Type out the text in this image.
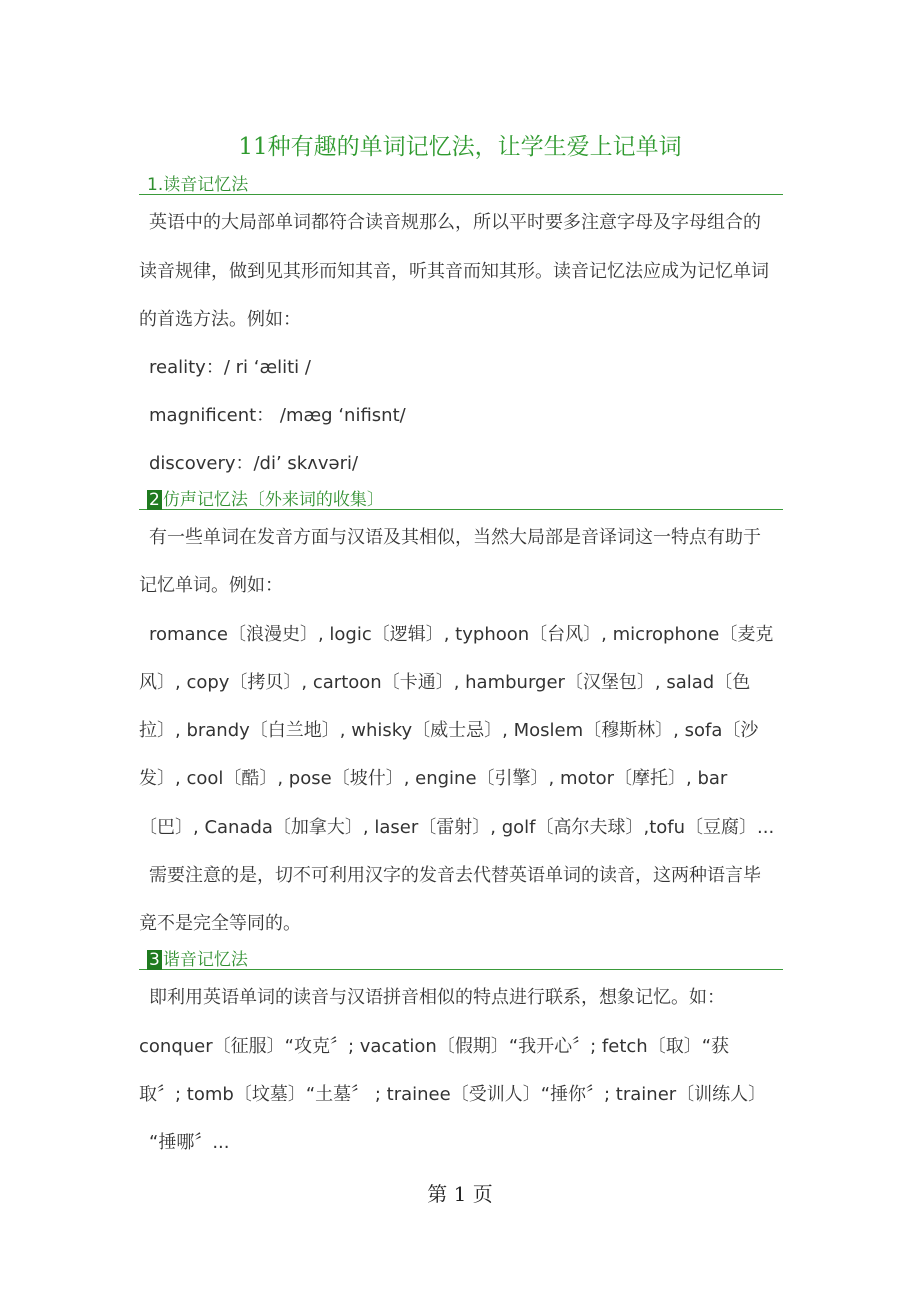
11种有趣的单词记忆法，让学生爱上记单词
1.读音记忆法
英语中的大局部单词都符合读音规那么，所以平时要多注意字母及字母组合的
读音规律，做到见其形而知其音，听其音而知其形。读音记忆法应成为记忆单词
的首选方法。例如：
reality：/ ri ‘æliti /
magnificent： /mæg ‘nifisnt/
discovery：/di’ skʌvəri/
2 仿声记忆法〔外来词的收集〕
有一些单词在发音方面与汉语及其相似，当然大局部是音译词这一特点有助于
记忆单词。例如：
romance〔浪漫史〕, logic〔逻辑〕, typhoon〔台风〕, microphone〔麦克
风〕, copy〔拷贝〕, cartoon〔卡通〕, hamburger〔汉堡包〕, salad〔色
拉〕, brandy〔白兰地〕, whisky〔威士忌〕, Moslem〔穆斯林〕, sofa〔沙
发〕, cool〔酷〕, pose〔坡什〕, engine〔引擎〕, motor〔摩托〕, bar
〔巴〕, Canada〔加拿大〕, laser〔雷射〕, golf〔高尔夫球〕,tofu〔豆腐〕...
需要注意的是，切不可利用汉字的发音去代替英语单词的读音，这两种语言毕
竟不是完全等同的。
3 谐音记忆法
即利用英语单词的读音与汉语拼音相似的特点进行联系，想象记忆。如：
conquer〔征服〕“攻克〞; vacation〔假期〕“我开心〞; fetch〔取〕“获
取〞; tomb〔坟墓〕“土墓〞 ; trainee〔受训人〕“捶你〞; trainer〔训练人〕
“捶哪〞...
第 1 页
